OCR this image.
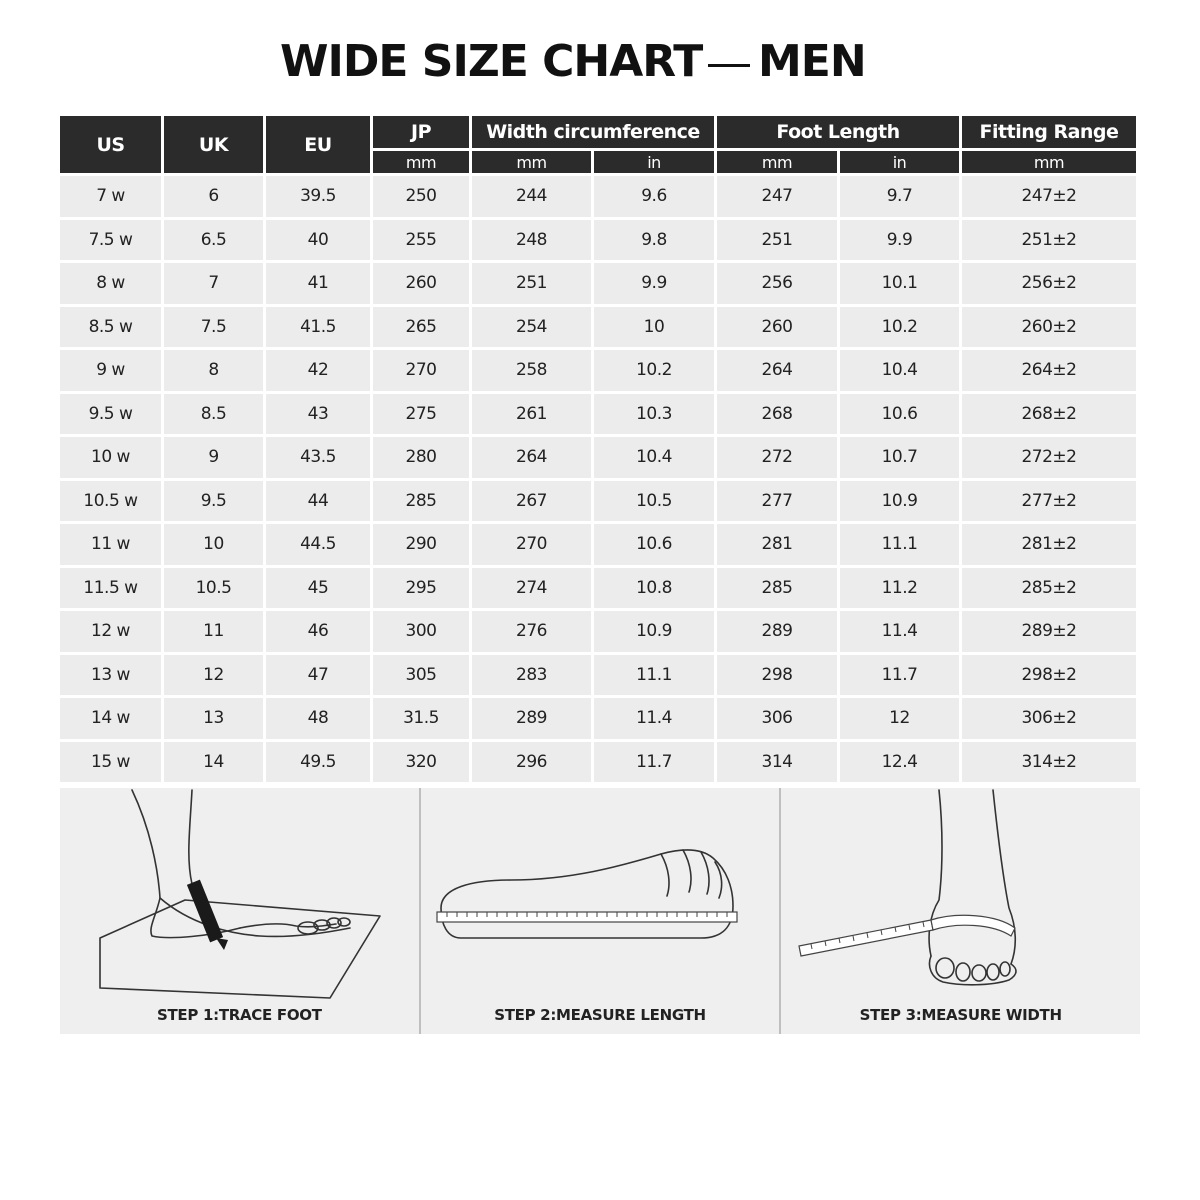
WIDE SIZE CHART MEN
US	UK	EU	JP	Width circumference		Foot Length		Fitting Range
			mm	mm	in	mm	in	mm
7 w	6	39.5	250	244	9.6	247	9.7	247±2
7.5 w	6.5	40	255	248	9.8	251	9.9	251±2
8 w	7	41	260	251	9.9	256	10.1	256±2
8.5 w	7.5	41.5	265	254	10	260	10.2	260±2
9 w	8	42	270	258	10.2	264	10.4	264±2
9.5 w	8.5	43	275	261	10.3	268	10.6	268±2
10 w	9	43.5	280	264	10.4	272	10.7	272±2
10.5 w	9.5	44	285	267	10.5	277	10.9	277±2
11 w	10	44.5	290	270	10.6	281	11.1	281±2
11.5 w	10.5	45	295	274	10.8	285	11.2	285±2
12 w	11	46	300	276	10.9	289	11.4	289±2
13 w	12	47	305	283	11.1	298	11.7	298±2
14 w	13	48	31.5	289	11.4	306	12	306±2
15 w	14	49.5	320	296	11.7	314	12.4	314±2
STEP 1:TRACE FOOT	STEP 2:MEASURE LENGTH	STEP 3:MEASURE WIDTH
